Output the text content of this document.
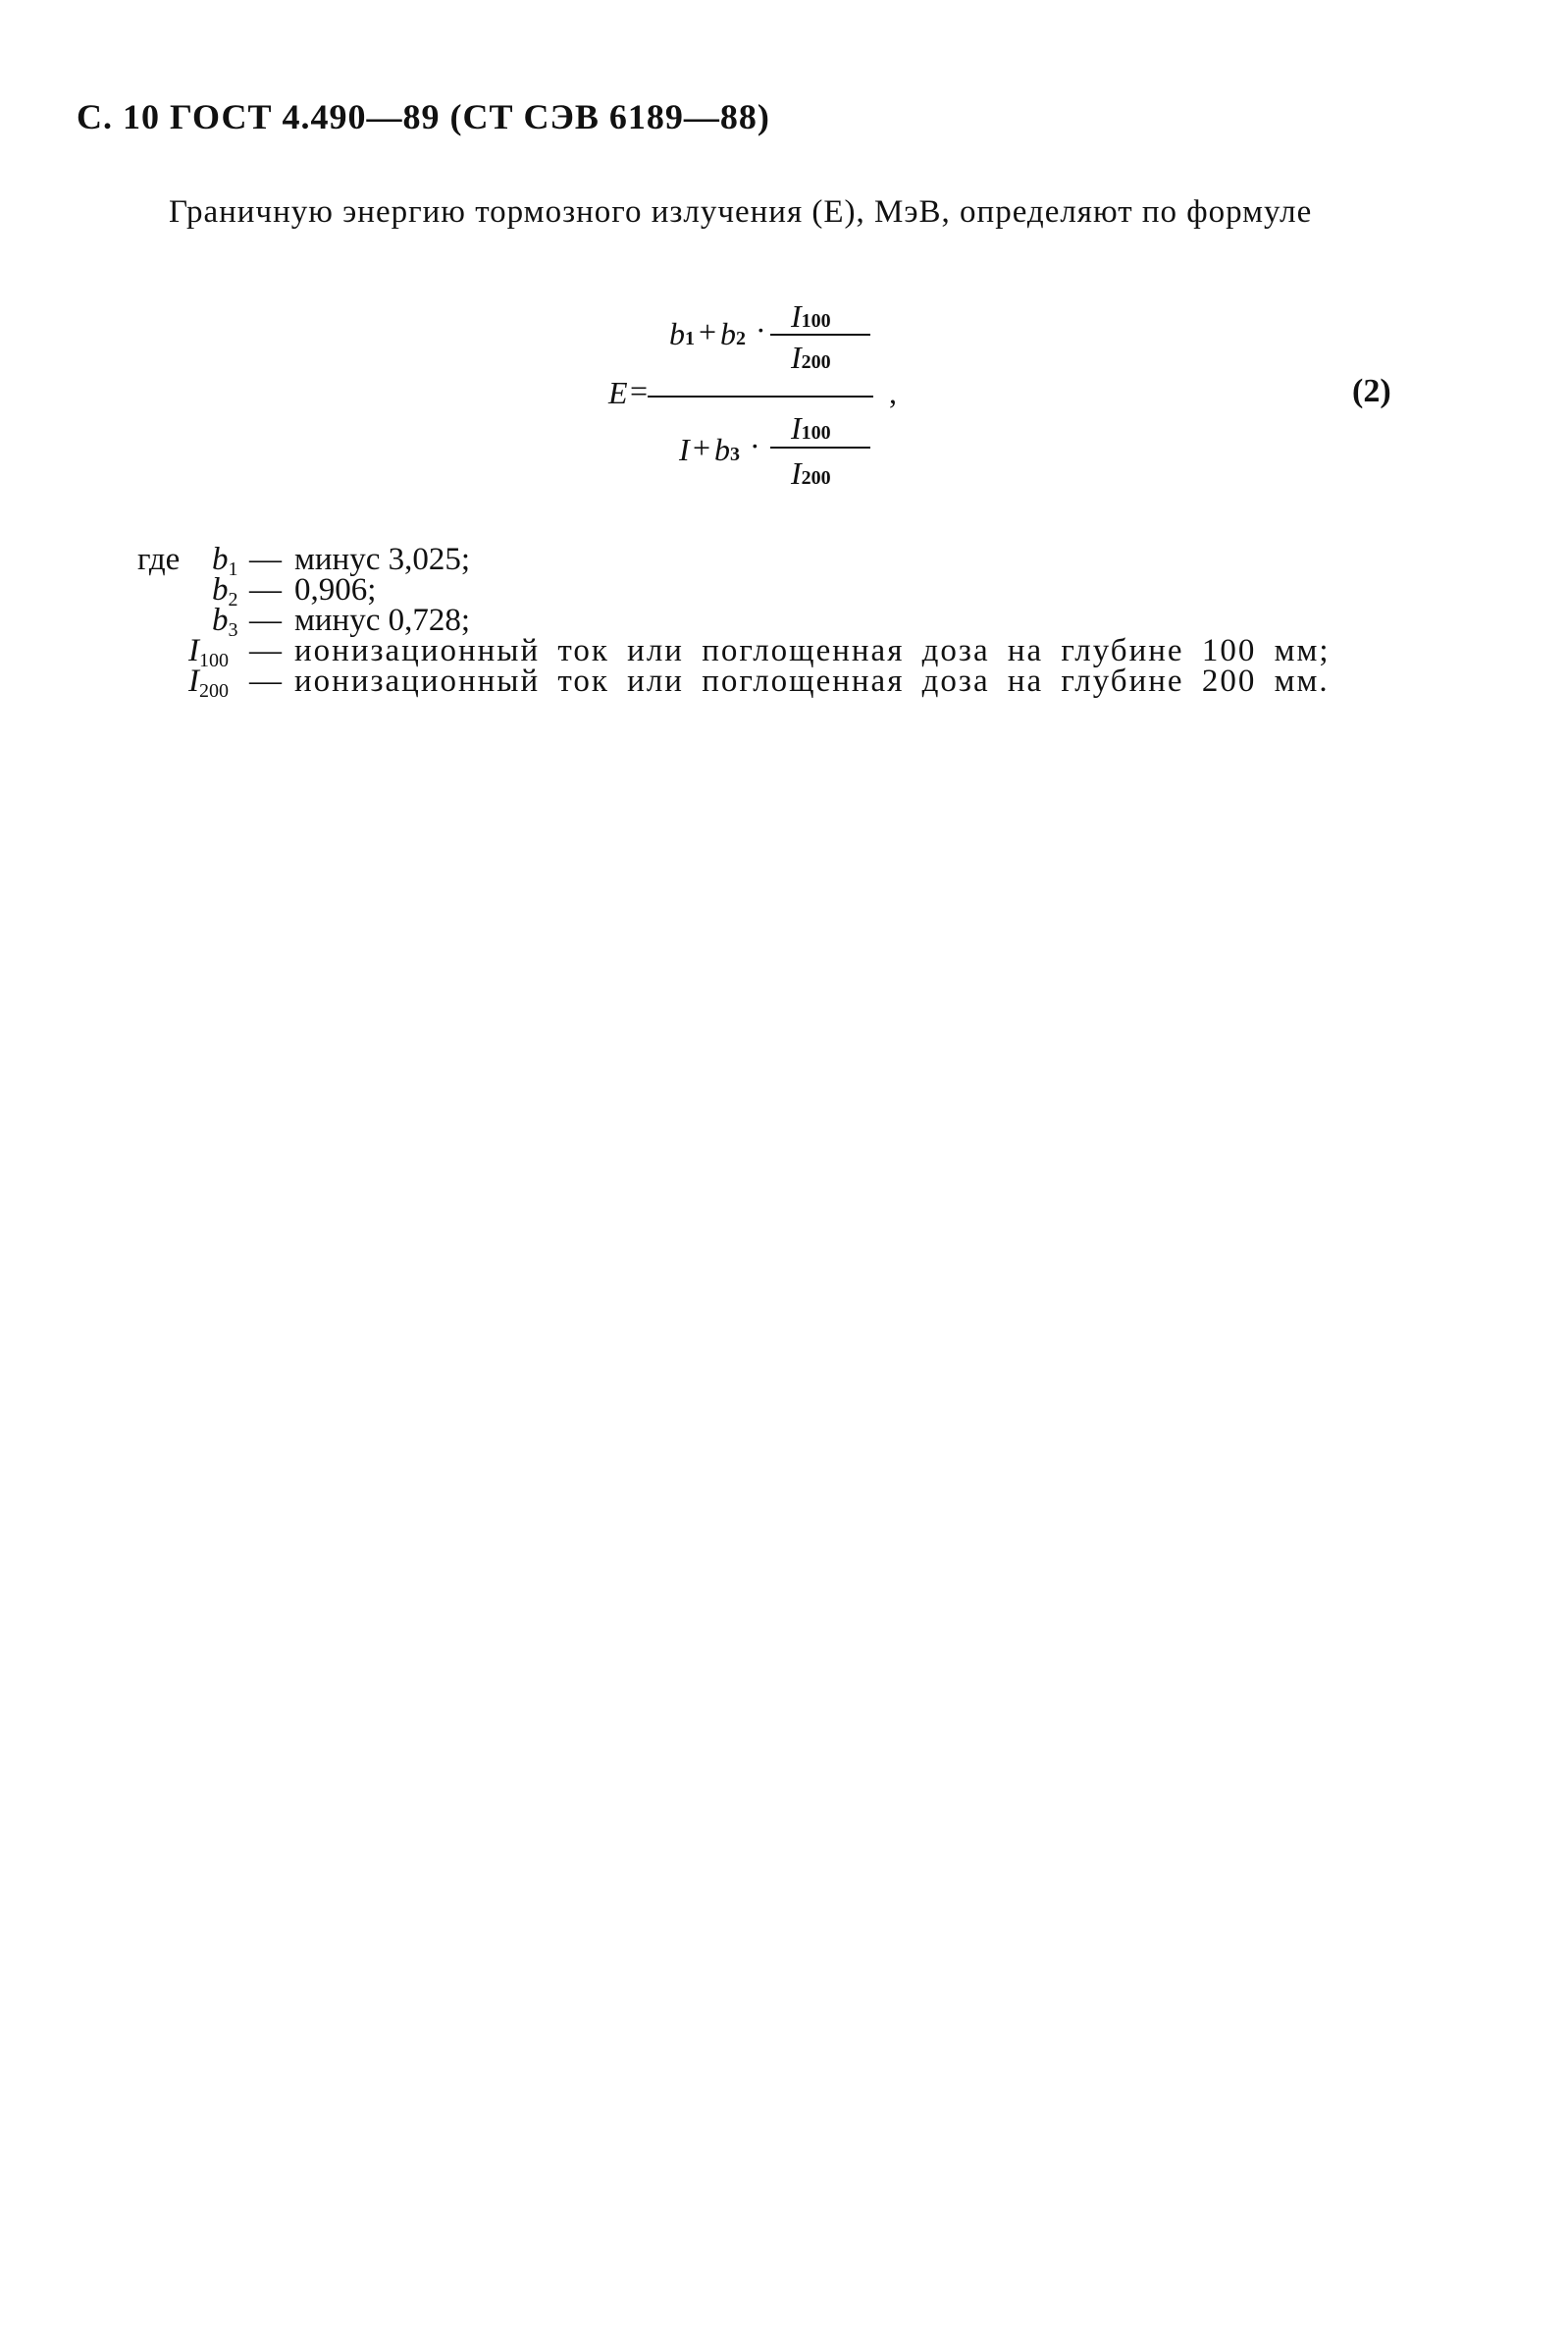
С. 10 ГОСТ 4.490—89 (СТ СЭВ 6189—88)
Граничную энергию тормозного излучения (E), МэВ, определяют по формуле
b1 + b2 · I100
I200
E =	,
I + b3 · I100
I200
(2)
где b1 — минус 3,025;
b2 — 0,906;
b3 — минус 0,728;
I100 — ионизационный ток или поглощенная доза на глубине 100 мм;
I200 — ионизационный ток или поглощенная доза на глубине 200 мм.
